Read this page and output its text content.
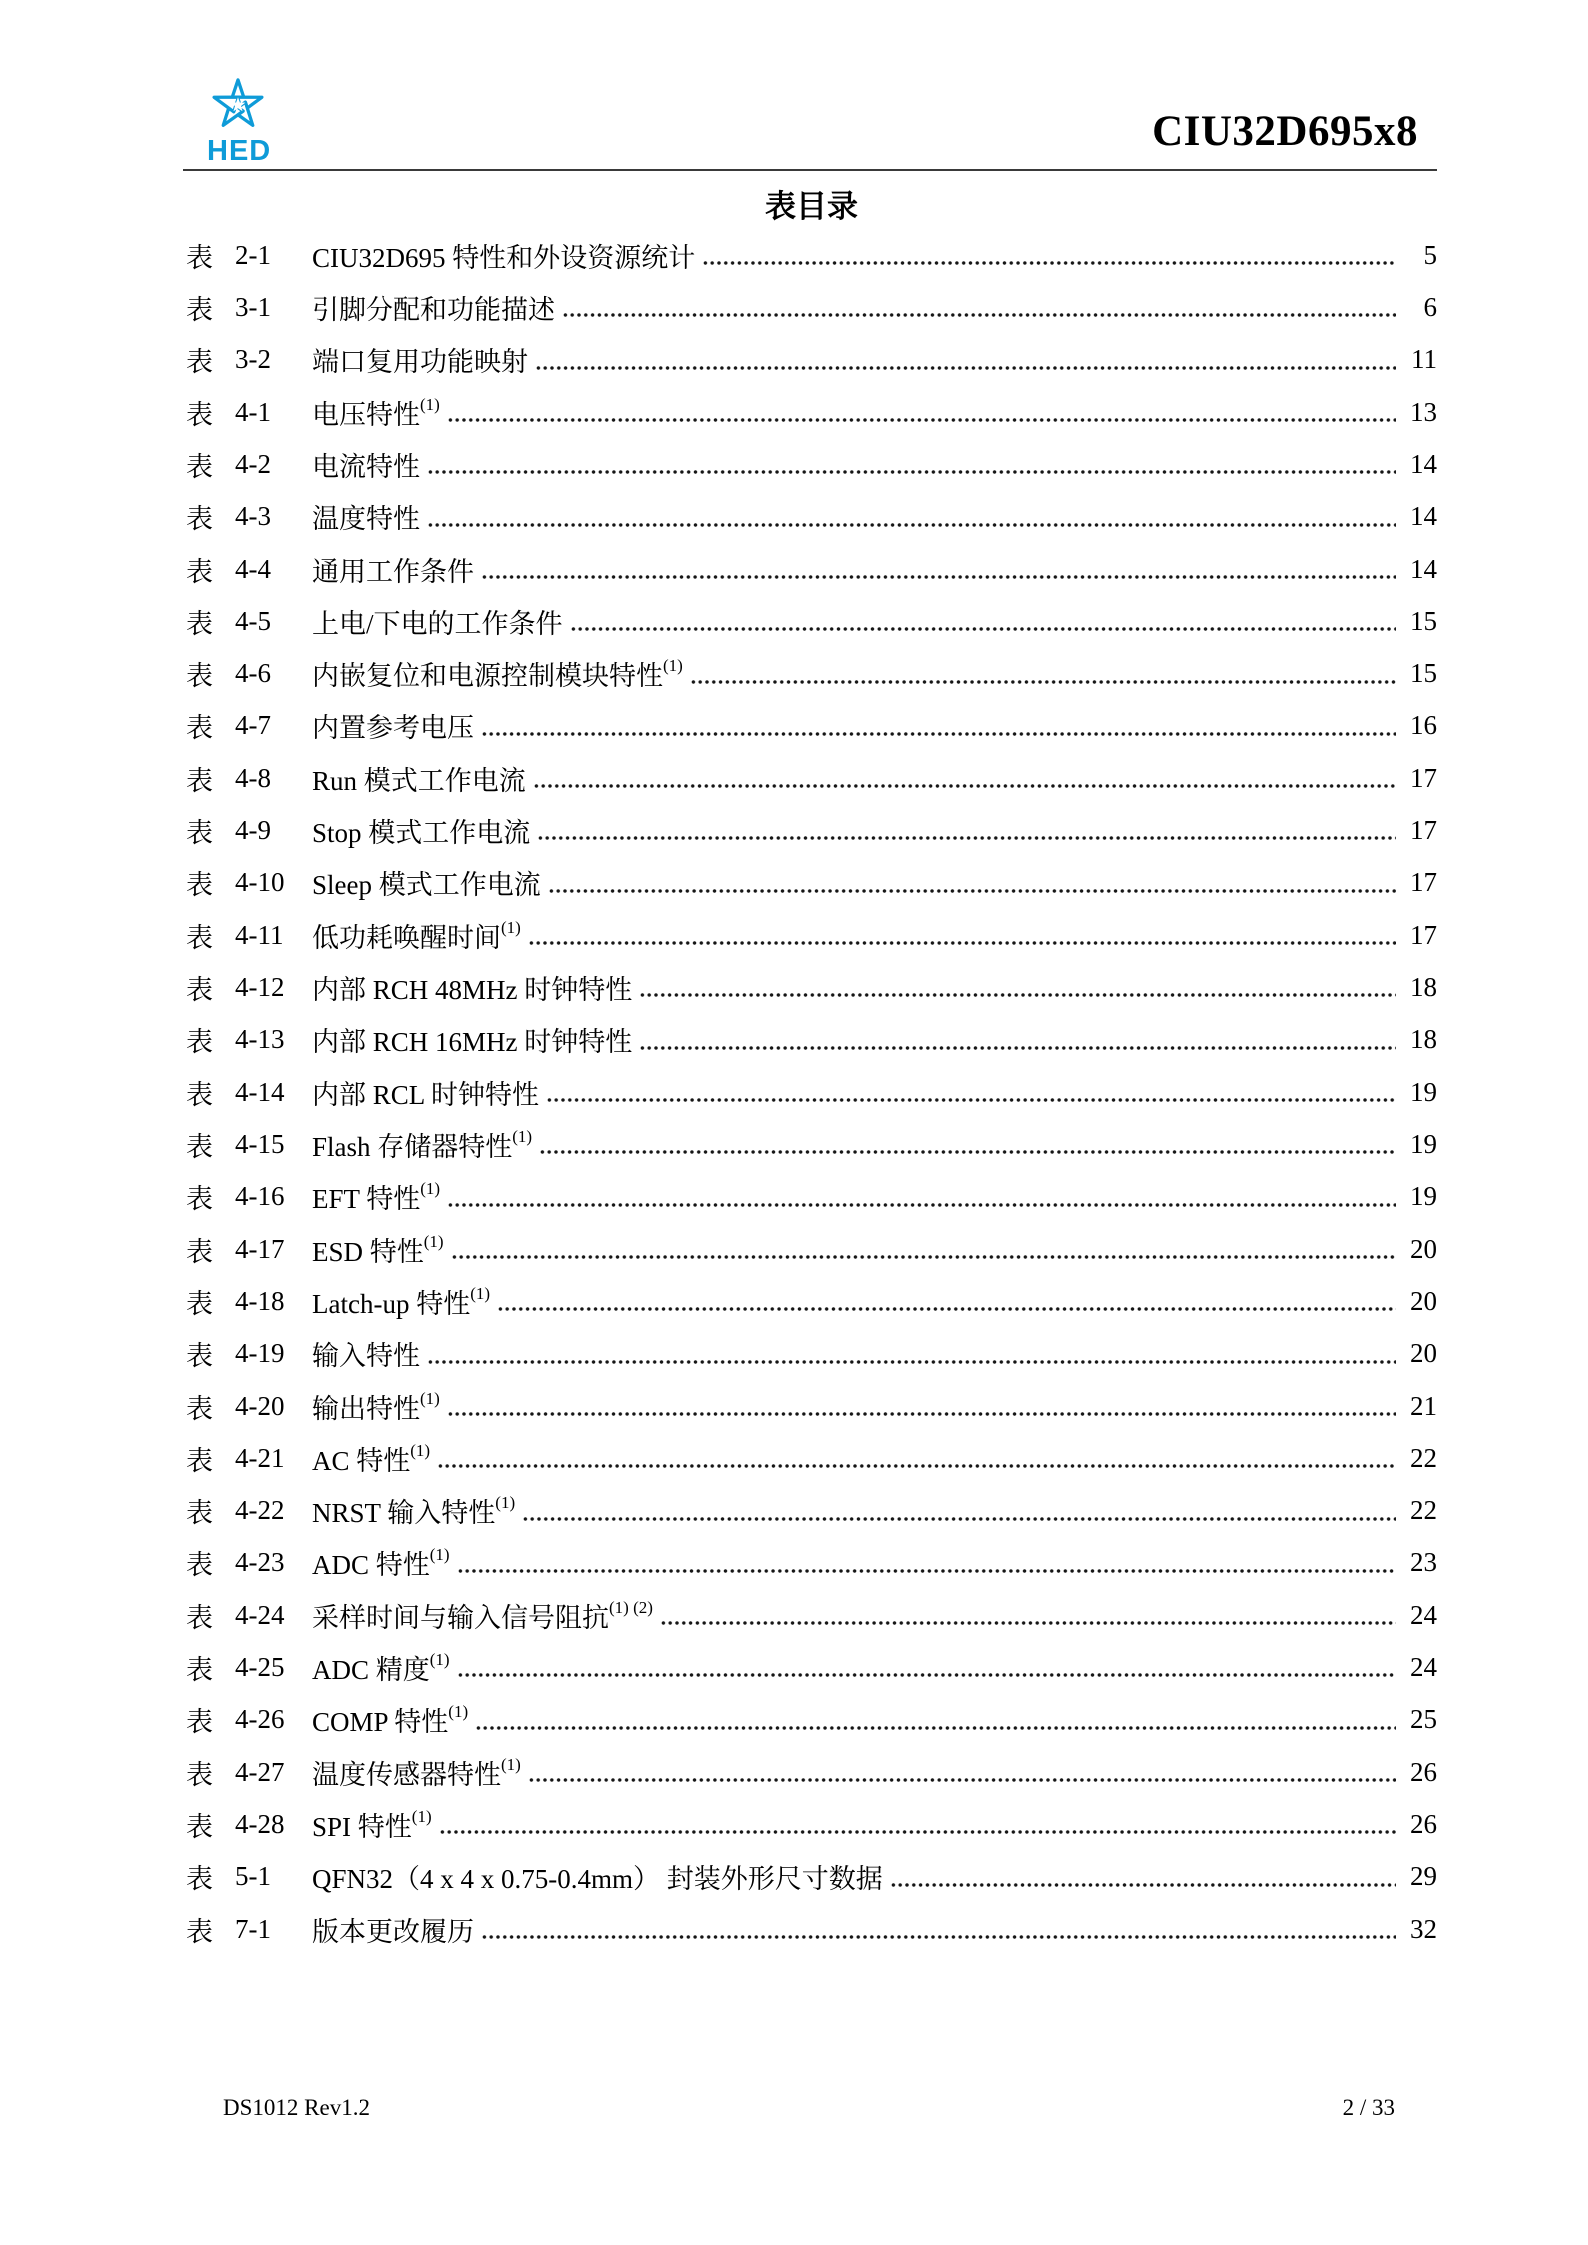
HED	CIU32D695x8
表目录
表 2-1	CIU32D695 特性和外设资源统计	5
表 3-1	引脚分配和功能描述	6
表 3-2	端口复用功能映射	11
表 4-1	电压特性 (1)	13
表 4-2	电流特性	14
表 4-3	温度特性	14
表 4-4	通用工作条件	14
表 4-5	上电/下电的工作条件	15
表 4-6	内嵌复位和电源控制模块特性 (1)	15
表 4-7	内置参考电压	16
表 4-8	Run 模式工作电流	17
表 4-9	Stop 模式工作电流	17
表 4-10	Sleep 模式工作电流	17
表 4-11	低功耗唤醒时间 (1)	17
表 4-12	内部 RCH 48MHz 时钟特性	18
表 4-13	内部 RCH 16MHz 时钟特性	18
表 4-14	内部 RCL 时钟特性	19
表 4-15	Flash 存储器特性 (1)	19
表 4-16	EFT 特性 (1)	19
表 4-17	ESD 特性 (1)	20
表 4-18	Latch-up 特性 (1)	20
表 4-19	输入特性	20
表 4-20	输出特性 (1)	21
表 4-21	AC 特性 (1)	22
表 4-22	NRST 输入特性 (1)	22
表 4-23	ADC 特性 (1)	23
表 4-24	采样时间与输入信号阻抗 (1) (2)	24
表 4-25	ADC 精度 (1)	24
表 4-26	COMP 特性 (1)	25
表 4-27	温度传感器特性 (1)	26
表 4-28	SPI 特性 (1)	26
表 5-1	QFN32（4 x 4 x 0.75-0.4mm） 封装外形尺寸数据	29
表 7-1	版本更改履历	32
DS1012 Rev1.2	2 / 33
